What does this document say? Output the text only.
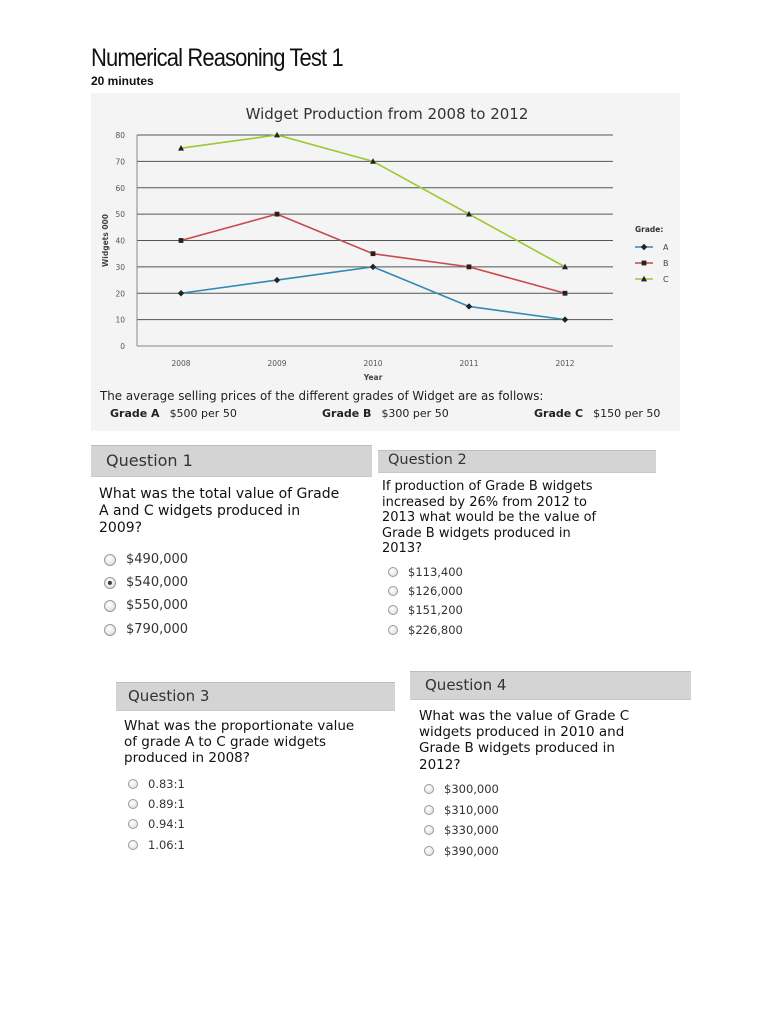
Numerical Reasoning Test 1
20 minutes
Widget Production from 2008 to 2012
0
10
20
30
40
50
60
70
80
2008	2009	2010	2011	2012
Year
Widgets 000	Grade:
A
B
C
The average selling prices of the different grades of Widget are as follows:
Grade A $500 per 50	Grade B $300 per 50	Grade C $150 per 50
Question 1
What was the total value of Grade
A and C widgets produced in
2009?
$490,000
$540,000
$550,000
$790,000
Question 2
If production of Grade B widgets
increased by 26% from 2012 to
2013 what would be the value of
Grade B widgets produced in
2013?
$113,400
$126,000
$151,200
$226,800
Question 3
What was the proportionate value
of grade A to C grade widgets
produced in 2008?
0.83:1
0.89:1
0.94:1
1.06:1
Question 4
What was the value of Grade C
widgets produced in 2010 and
Grade B widgets produced in
2012?
$300,000
$310,000
$330,000
$390,000
